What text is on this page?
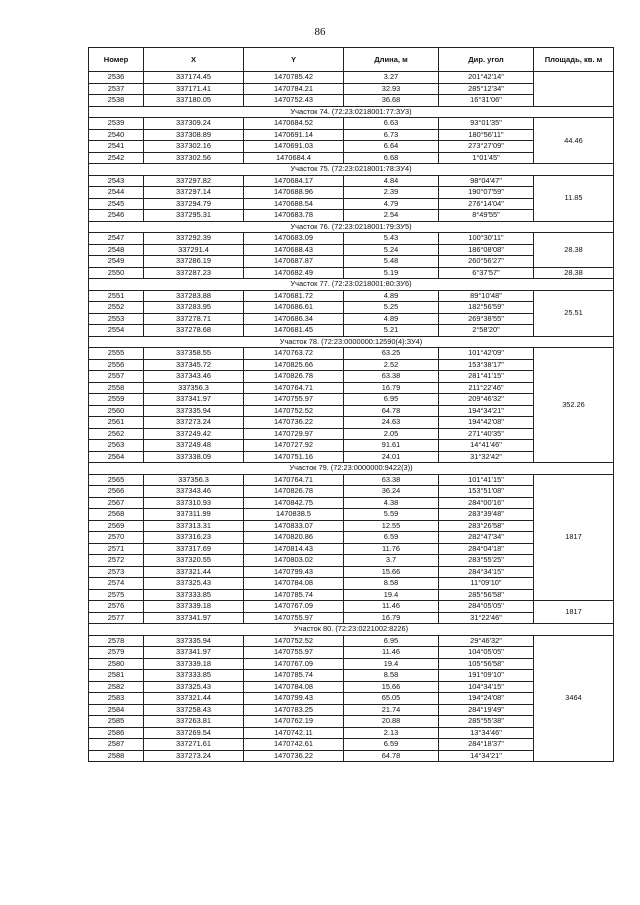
86
Номер	X	Y	Длина, м	Дир. угол	Площадь, кв. м
2536	337174.45	1470785.42	3.27	201°42'14"	
2537	337171.41	1470784.21	32.93	285°12'34"	
2538	337180.05	1470752.43	36.68	16°31'06"	
Участок 74. (72:23:0218001:77:ЗУ3)					
2539	337309.24	1470684.52	6.63	93°01'35"	44.46
2540	337308.89	1470691.14	6.73	180°56'11"	
2541	337302.16	1470691.03	6.64	273°27'09"	
2542	337302.56	1470684.4	6.68	1°01'45"	
Участок 75. (72:23:0218001:78:ЗУ4)					
2543	337297.82	1470684.17	4.84	98°04'47"	11.85
2544	337297.14	1470688.96	2.39	190°07'59"	
2545	337294.79	1470688.54	4.79	276°14'04"	
2546	337295.31	1470683.78	2.54	8°49'55"	
Участок 76. (72:23:0218001:79:ЗУ5)					
2547	337292.39	1470683.09	5.43	100°30'11"	28.38
2548	337291.4	1470688.43	5.24	186°08'08"	
2549	337286.19	1470687.87	5.48	260°56'27"	
2550	337287.23	1470682.49	5.19	6°37'57"	28.38
Участок 77. (72:23:0218001:80:ЗУ6)					
2551	337283.88	1470681.72	4.89	89°10'48"	25.51
2552	337283.95	1470686.61	5.25	182°56'59"	
2553	337278.71	1470686.34	4.89	269°38'55"	
2554	337278.68	1470681.45	5.21	2°58'20"	
Участок 78. (72:23:0000000:12590(4):ЗУ4)					
2555	337358.55	1470763.72	63.25	101°42'09"	352.26
2556	337345.72	1470825.66	2.52	153°38'17"	
2557	337343.46	1470826.78	63.38	281°41'15"	
2558	337356.3	1470764.71	16.79	211°22'46"	
2559	337341.97	1470755.97	6.95	209°46'32"	
2560	337335.94	1470752.52	64.78	194°34'21"	
2561	337273.24	1470736.22	24.63	194°42'08"	
2562	337249.42	1470729.97	2.05	271°40'35"	
2563	337249.48	1470727.92	91.61	14°41'46"	
2564	337338.09	1470751.16	24.01	31°32'42"	
Участок 79. (72:23:0000000:9422(3))					
2565	337356.3	1470764.71	63.38	101°41'15"	1817
2566	337343.46	1470826.78	36.24	153°51'08"	
2567	337310.93	1470842.75	4.38	284°00'16"	
2568	337311.99	1470838.5	5.59	283°39'48"	
2569	337313.31	1470833.07	12.55	283°26'58"	
2570	337316.23	1470820.86	6.59	282°47'34"	
2571	337317.69	1470814.43	11.76	284°04'18"	
2572	337320.55	1470803.02	3.7	283°55'25"	
2573	337321.44	1470799.43	15.66	284°34'15"	
2574	337325.43	1470784.08	8.58	11°09'10"	
2575	337333.85	1470785.74	19.4	285°56'58"	
2576	337339.18	1470767.09	11.46	284°05'05"	1817
2577	337341.97	1470755.97	16.79	31°22'46"	
Участок 80. (72:23:0221002:8226)					
2578	337335.94	1470752.52	6.95	29°46'32"	3464
2579	337341.97	1470755.97	11.46	104°05'05"	
2580	337339.18	1470767.09	19.4	105°56'58"	
2581	337333.85	1470785.74	8.58	191°09'10"	
2582	337325.43	1470784.08	15.66	104°34'15"	
2583	337321.44	1470799.43	65.05	194°24'08"	
2584	337258.43	1470783.25	21.74	284°19'49"	
2585	337263.81	1470762.19	20.88	285°55'38"	
2586	337269.54	1470742.11	2.13	13°34'46"	
2587	337271.61	1470742.61	6.59	284°18'37"	
2588	337273.24	1470736.22	64.78	14°34'21"	
